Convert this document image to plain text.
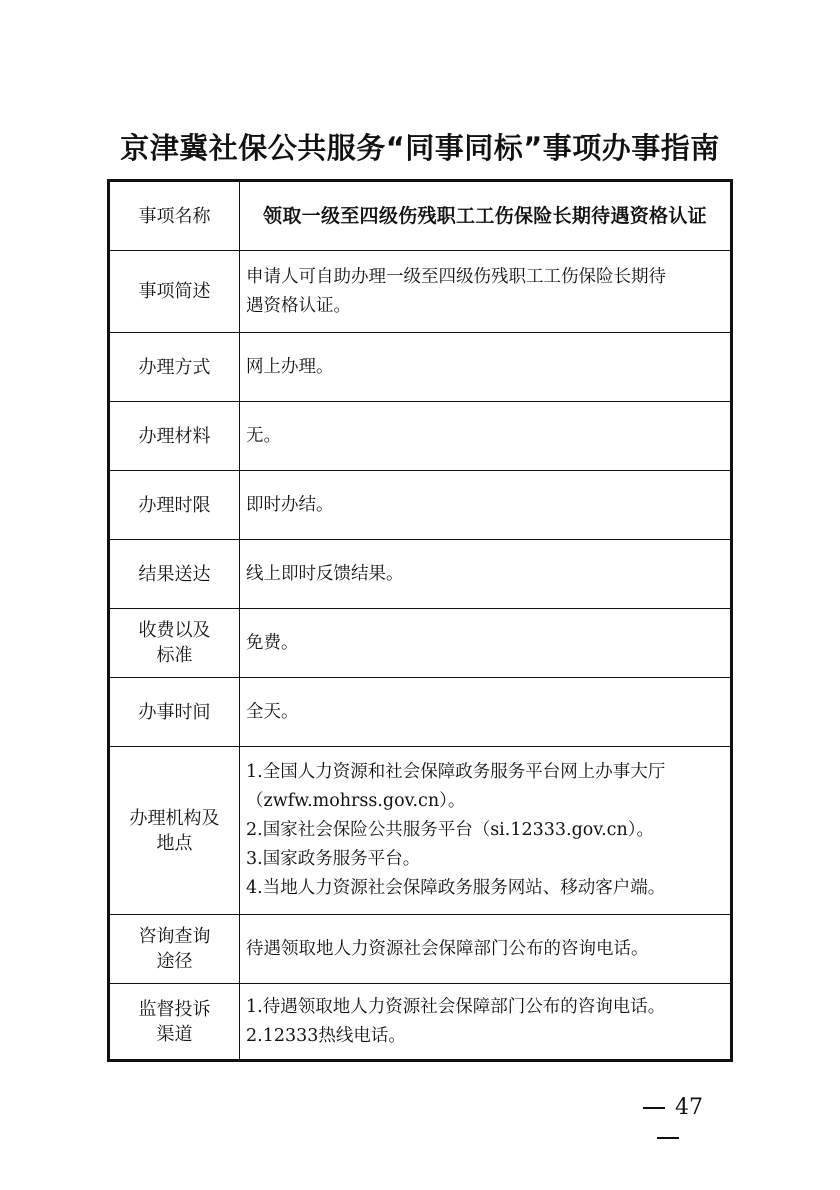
京津冀社保公共服务“同事同标”事项办事指南
事项名称	领取一级至四级伤残职工工伤保险长期待遇资格认证
事项简述	申请人可自助办理一级至四级伤残职工工伤保险长期待
遇资格认证。

办理方式	网上办理。
办理材料	无。
办理时限	即时办结。
结果送达	线上即时反馈结果。

收费以及
标准	免费。
办事时间	全天。

办理机构及
地点	1.全国人力资源和社会保障政务服务平台网上办事大厅
（zwfw.mohrss.gov.cn）。
2.国家社会保险公共服务平台（si.12333.gov.cn）。
3.国家政务服务平台。
4.当地人力资源社会保障政务服务网站、移动客户端。

咨询查询
途径	待遇领取地人力资源社会保障部门公布的咨询电话。

监督投诉
渠道	1.待遇领取地人力资源社会保障部门公布的咨询电话。
2.12333热线电话。
47
